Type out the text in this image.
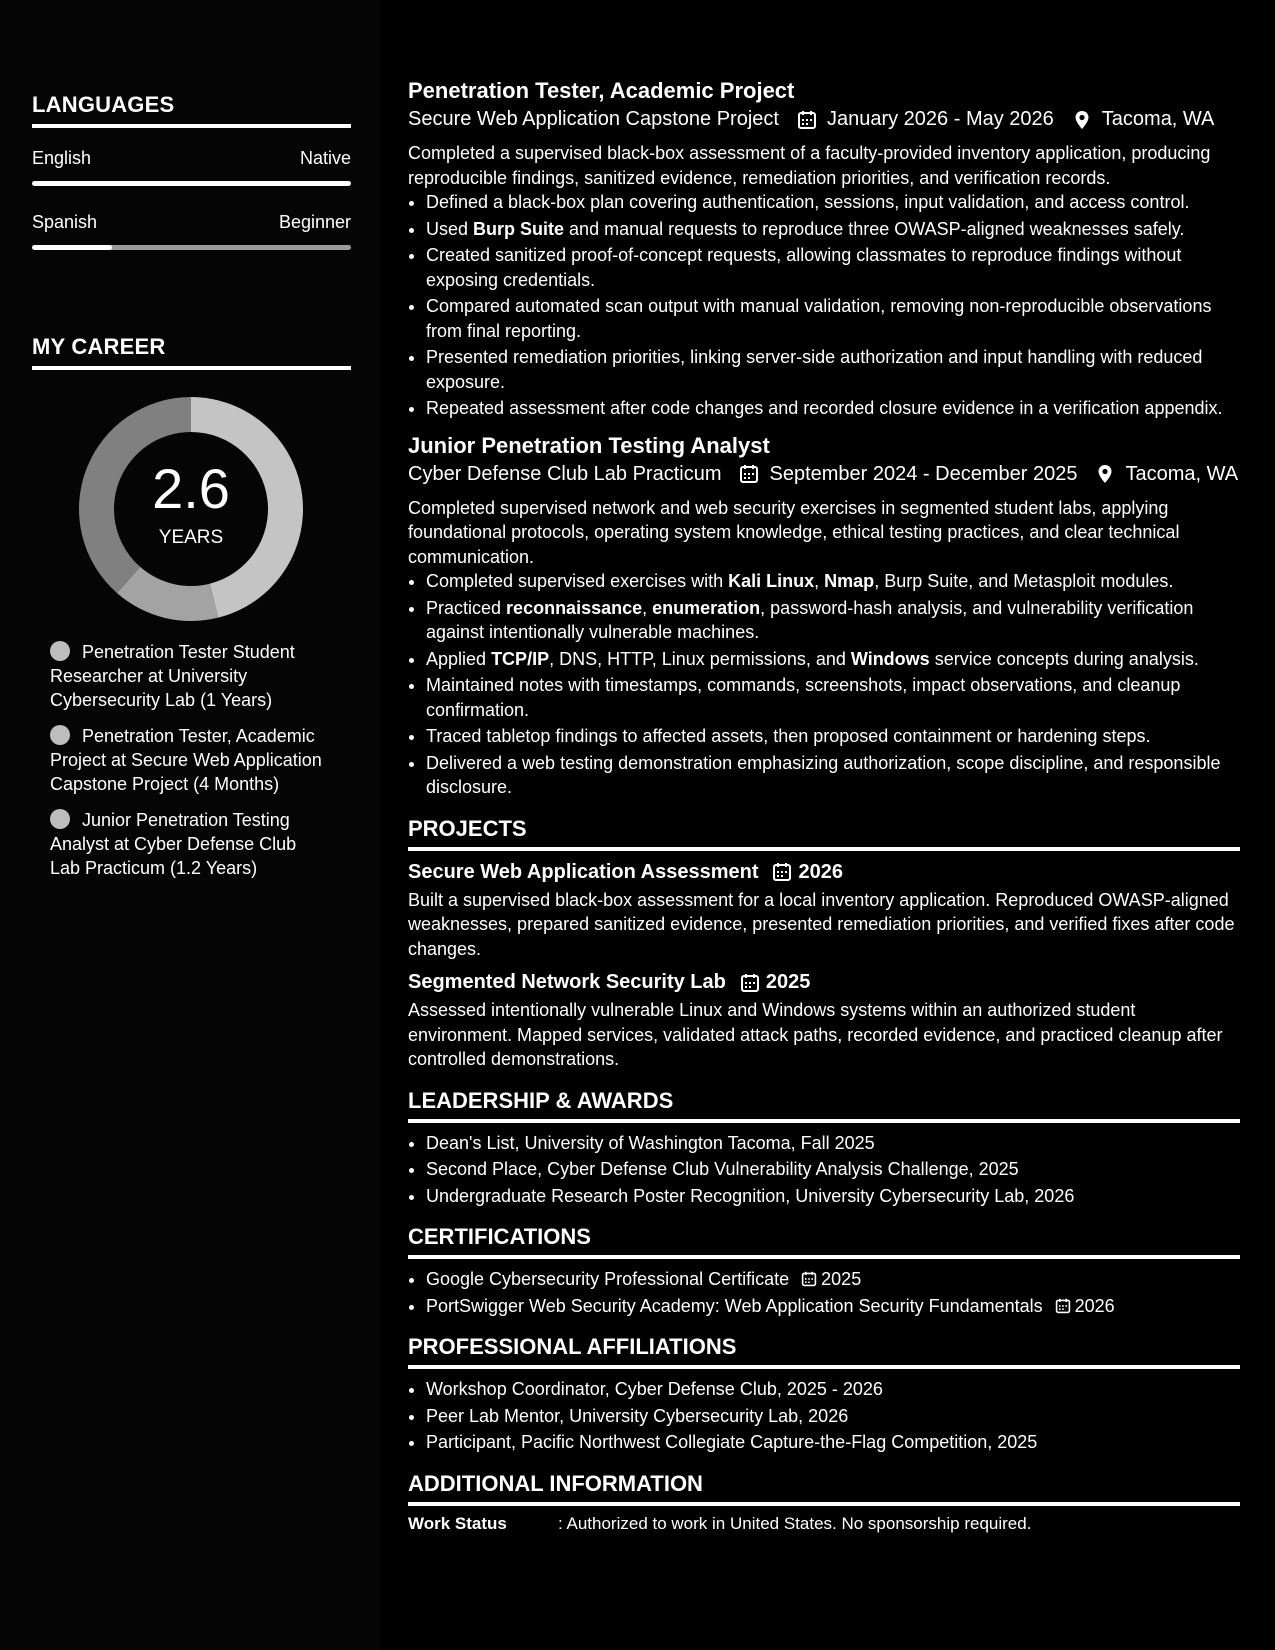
LANGUAGES
English	Native
Spanish	Beginner
MY CAREER
2.6
YEARS
Penetration Tester Student Researcher at University Cybersecurity Lab (1 Years)
Penetration Tester, Academic Project at Secure Web Application Capstone Project (4 Months)
Junior Penetration Testing Analyst at Cyber Defense Club Lab Practicum (1.2 Years)
Penetration Tester, Academic Project
Secure Web Application Capstone Project January 2026 - May 2026 Tacoma, WA
Completed a supervised black-box assessment of a faculty-provided inventory application, producing reproducible findings, sanitized evidence, remediation priorities, and verification records.
• Defined a black-box plan covering authentication, sessions, input validation, and access control.
• Used Burp Suite and manual requests to reproduce three OWASP-aligned weaknesses safely.
• Created sanitized proof-of-concept requests, allowing classmates to reproduce findings without exposing credentials.
• Compared automated scan output with manual validation, removing non-reproducible observations from final reporting.
• Presented remediation priorities, linking server-side authorization and input handling with reduced exposure.
• Repeated assessment after code changes and recorded closure evidence in a verification appendix.
Junior Penetration Testing Analyst
Cyber Defense Club Lab Practicum September 2024 - December 2025 Tacoma, WA
Completed supervised network and web security exercises in segmented student labs, applying foundational protocols, operating system knowledge, ethical testing practices, and clear technical communication.
• Completed supervised exercises with Kali Linux, Nmap, Burp Suite, and Metasploit modules.
• Practiced reconnaissance, enumeration, password-hash analysis, and vulnerability verification against intentionally vulnerable machines.
• Applied TCP/IP, DNS, HTTP, Linux permissions, and Windows service concepts during analysis.
• Maintained notes with timestamps, commands, screenshots, impact observations, and cleanup confirmation.
• Traced tabletop findings to affected assets, then proposed containment or hardening steps.
• Delivered a web testing demonstration emphasizing authorization, scope discipline, and responsible disclosure.
PROJECTS
Secure Web Application Assessment 2026
Built a supervised black-box assessment for a local inventory application. Reproduced OWASP-aligned weaknesses, prepared sanitized evidence, presented remediation priorities, and verified fixes after code changes.
Segmented Network Security Lab 2025
Assessed intentionally vulnerable Linux and Windows systems within an authorized student environment. Mapped services, validated attack paths, recorded evidence, and practiced cleanup after controlled demonstrations.
LEADERSHIP & AWARDS
• Dean's List, University of Washington Tacoma, Fall 2025
• Second Place, Cyber Defense Club Vulnerability Analysis Challenge, 2025
• Undergraduate Research Poster Recognition, University Cybersecurity Lab, 2026
CERTIFICATIONS
• Google Cybersecurity Professional Certificate 2025
• PortSwigger Web Security Academy: Web Application Security Fundamentals 2026
PROFESSIONAL AFFILIATIONS
• Workshop Coordinator, Cyber Defense Club, 2025 - 2026
• Peer Lab Mentor, University Cybersecurity Lab, 2026
• Participant, Pacific Northwest Collegiate Capture-the-Flag Competition, 2025
ADDITIONAL INFORMATION
Work Status	: Authorized to work in United States. No sponsorship required.
